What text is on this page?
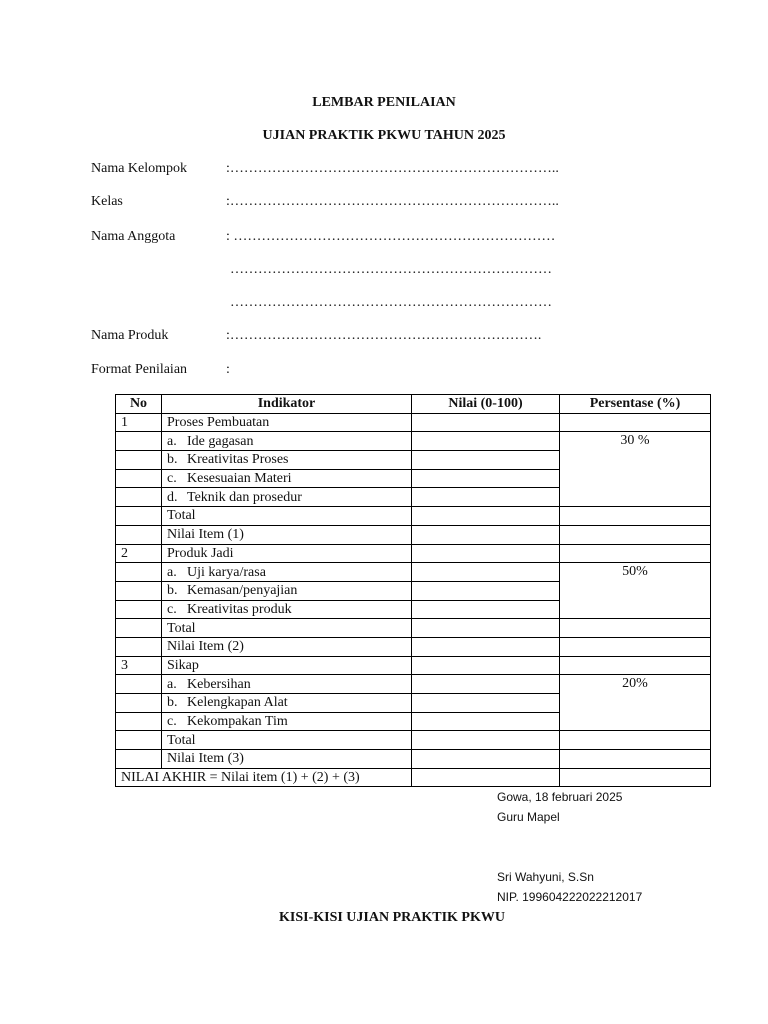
LEMBAR PENILAIAN
UJIAN PRAKTIK PKWU TAHUN 2025
Nama Kelompok	:……………………………………………………………..
Kelas	:……………………………………………………………..
Nama Anggota	: ……………………………………………………………
……………………………………………………………
……………………………………………………………
Nama Produk	:………………………………………………………….
Format Penilaian	:
No	Indikator	Nilai (0-100)	Persentase (%)
1	Proses Pembuatan		
	a. Ide gagasan		30 %
	b. Kreativitas Proses		
	c. Kesesuaian Materi		
	d. Teknik dan prosedur		
	Total		
	Nilai Item (1)		
2	Produk Jadi		
	a. Uji karya/rasa		50%
	b. Kemasan/penyajian		
	c. Kreativitas produk		
	Total		
	Nilai Item (2)		
3	Sikap		
	a. Kebersihan		20%
	b. Kelengkapan Alat		
	c. Kekompakan Tim		
	Total		
	Nilai Item (3)		
NILAI AKHIR = Nilai item (1) + (2) + (3)			
Gowa, 18 februari 2025
Guru Mapel
Sri Wahyuni, S.Sn
NIP. 199604222022212017
KISI-KISI UJIAN PRAKTIK PKWU
